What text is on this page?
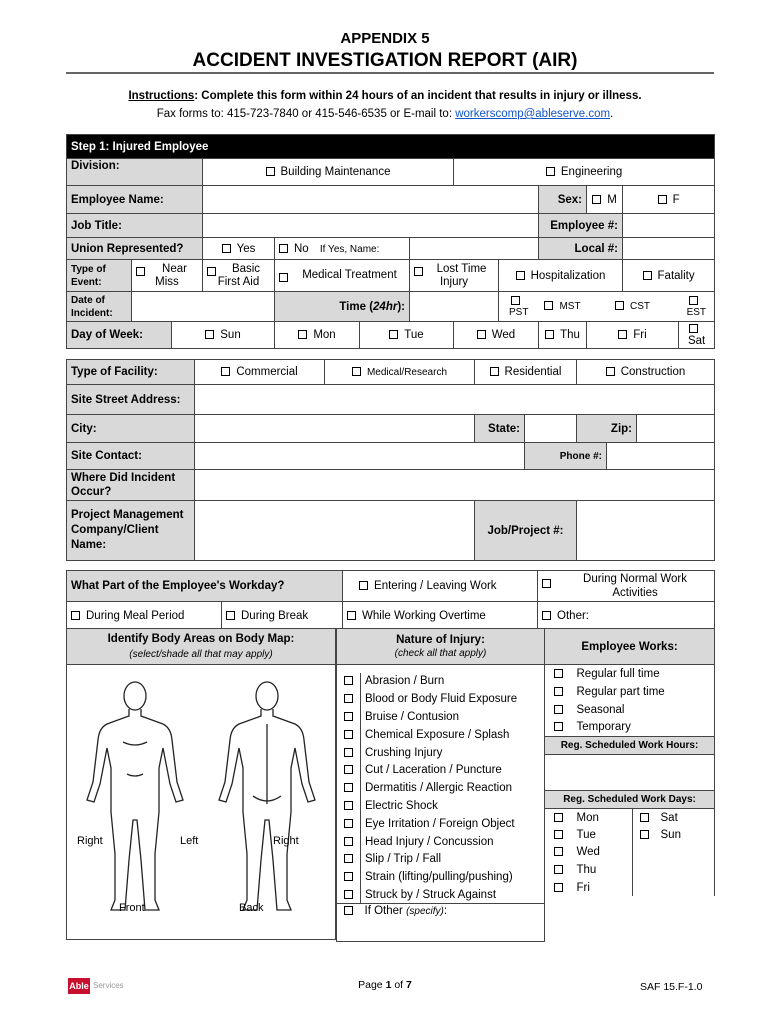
APPENDIX 5
ACCIDENT INVESTIGATION REPORT (AIR)
Instructions: Complete this form within 24 hours of an incident that results in injury or illness.
Fax forms to: 415-723-7840 or 415-546-6535 or E-mail to: workerscomp@ableserve.com.
Step 1: Injured Employee												
Division:			Building Maintenance				Engineering					
Employee Name:									Sex:	M	F	
Job Title:									Employee #:			
Union Represented?			Yes	No If Yes, Name:					Local #:			
Type of Event:	Near Miss		Basic First Aid	Medical Treatment		Lost Time Injury		Hospitalization			Fatality	
Date of Incident:				Time (24hr):				PST	MST	CST		EST
Day of Week:		Sun		Mon	Tue		Wed		Thu	Fri		Sat
Type of Facility:	Commercial	Medical/Research	Residential		Construction		
Site Street Address:							
City:			State:		Zip:		
Site Contact:				Phone #:			
Where Did Incident Occur?							
Project Management Company/Client Name:			Job/Project #:				
What Part of the Employee's Workday?		Entering / Leaving Work	During Normal Work Activities

During Meal Period	During Break	While Working Overtime	Other:
Identify Body Areas on Body Map:
(select/shade all that may apply)
Right	Left	Right
Front	Back
Nature of Injury:
(check all that apply)	

	Abrasion / Burn
	Blood or Body Fluid Exposure
	Bruise / Contusion
	Chemical Exposure / Splash
	Crushing Injury
	Cut / Laceration / Puncture
	Dermatitis / Allergic Reaction
	Electric Shock
	Eye Irritation / Foreign Object
	Head Injury / Concussion
	Slip / Trip / Fall
	Strain (lifting/pulling/pushing)
	Struck by / Struck Against
	If Other (specify):
Employee Works:			
	Regular full time		
	Regular part time		
	Seasonal		
	Temporary		
Reg. Scheduled Work Hours:			

Reg. Scheduled Work Days:			
	Mon		Sat
	Tue		Sun
	Wed		
	Thu		
	Fri		
Able Services	Page 1 of 7	SAF 15.F-1.0
